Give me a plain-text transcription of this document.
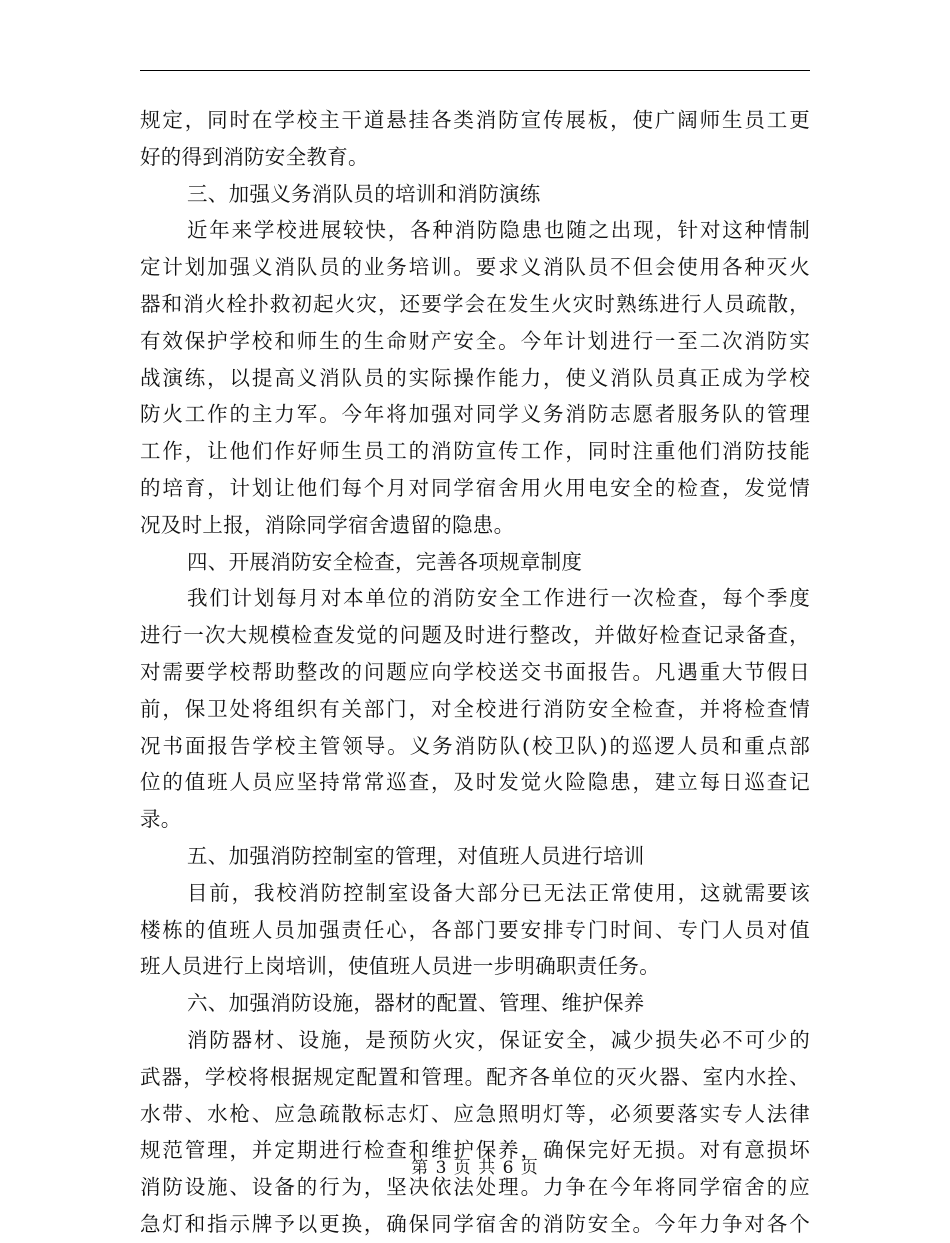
规定，同时在学校主干道悬挂各类消防宣传展板，使广阔师生员工更
好的得到消防安全教育。
三、加强义务消队员的培训和消防演练
近年来学校进展较快，各种消防隐患也随之出现，针对这种情制
定计划加强义消队员的业务培训。要求义消队员不但会使用各种灭火
器和消火栓扑救初起火灾，还要学会在发生火灾时熟练进行人员疏散，
有效保护学校和师生的生命财产安全。今年计划进行一至二次消防实
战演练，以提高义消队员的实际操作能力，使义消队员真正成为学校
防火工作的主力军。今年将加强对同学义务消防志愿者服务队的管理
工作，让他们作好师生员工的消防宣传工作，同时注重他们消防技能
的培育，计划让他们每个月对同学宿舍用火用电安全的检查，发觉情
况及时上报，消除同学宿舍遗留的隐患。
四、开展消防安全检查，完善各项规章制度
我们计划每月对本单位的消防安全工作进行一次检查，每个季度
进行一次大规模检查发觉的问题及时进行整改，并做好检查记录备查，
对需要学校帮助整改的问题应向学校送交书面报告。凡遇重大节假日
前，保卫处将组织有关部门，对全校进行消防安全检查，并将检查情
况书面报告学校主管领导。义务消防队(校卫队)的巡逻人员和重点部
位的值班人员应坚持常常巡查，及时发觉火险隐患，建立每日巡查记
录。
五、加强消防控制室的管理，对值班人员进行培训
目前，我校消防控制室设备大部分已无法正常使用，这就需要该
楼栋的值班人员加强责任心，各部门要安排专门时间、专门人员对值
班人员进行上岗培训，使值班人员进一步明确职责任务。
六、加强消防设施，器材的配置、管理、维护保养
消防器材、设施，是预防火灾，保证安全，减少损失必不可少的
武器，学校将根据规定配置和管理。配齐各单位的灭火器、室内水拴、
水带、水枪、应急疏散标志灯、应急照明灯等，必须要落实专人法律
规范管理，并定期进行检查和维护保养，确保完好无损。对有意损坏
消防设施、设备的行为，坚决依法处理。力争在今年将同学宿舍的应
急灯和指示牌予以更换，确保同学宿舍的消防安全。今年力争对各个
第 3 页 共 6 页
